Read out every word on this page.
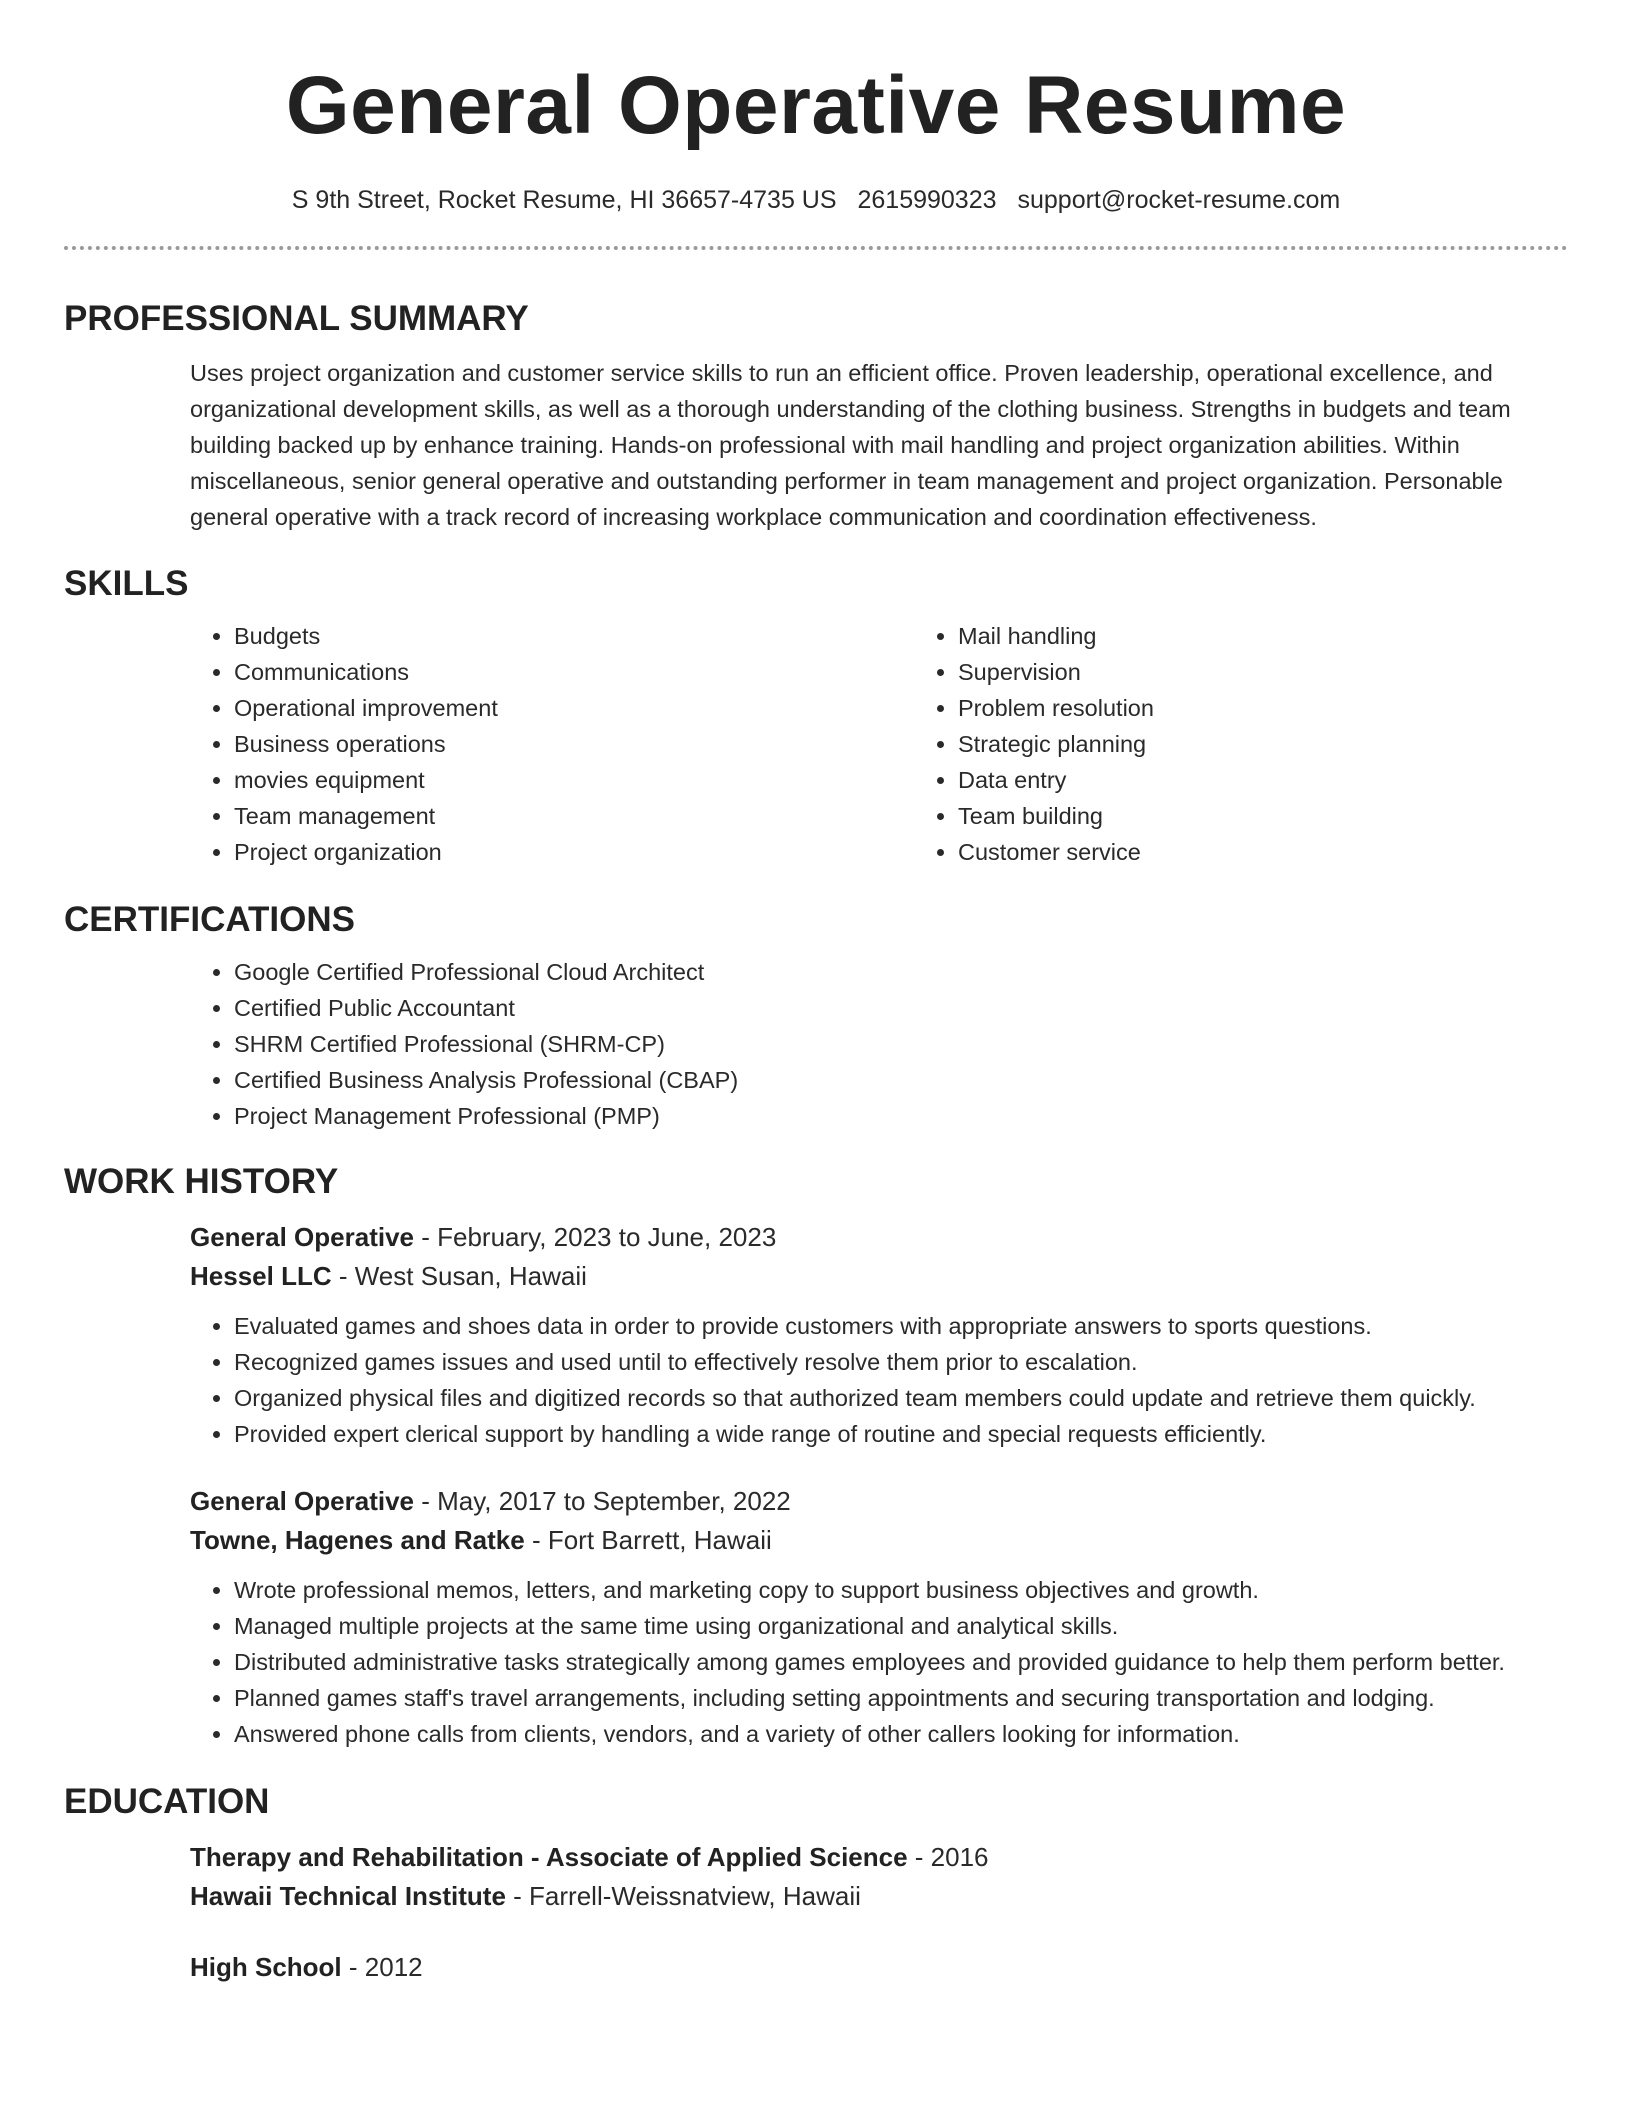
General Operative Resume
S 9th Street, Rocket Resume, HI 36657-4735 US 2615990323 support@rocket-resume.com
PROFESSIONAL SUMMARY

Uses project organization and customer service skills to run an efficient office. Proven leadership, operational excellence, and organizational development skills, as well as a thorough understanding of the clothing business. Strengths in budgets and team building backed up by enhance training. Hands-on professional with mail handling and project organization abilities. Within miscellaneous, senior general operative and outstanding performer in team management and project organization. Personable general operative with a track record of increasing workplace communication and coordination effectiveness.

SKILLS
• Budgets
• Communications
• Operational improvement
• Business operations
• movies equipment
• Team management
• Project organization
• Mail handling
• Supervision
• Problem resolution
• Strategic planning
• Data entry
• Team building
• Customer service
CERTIFICATIONS
• Google Certified Professional Cloud Architect
• Certified Public Accountant
• SHRM Certified Professional (SHRM-CP)
• Certified Business Analysis Professional (CBAP)
• Project Management Professional (PMP)
WORK HISTORY
General Operative - February, 2023 to June, 2023
Hessel LLC - West Susan, Hawaii
• Evaluated games and shoes data in order to provide customers with appropriate answers to sports questions.
• Recognized games issues and used until to effectively resolve them prior to escalation.
• Organized physical files and digitized records so that authorized team members could update and retrieve them quickly.
• Provided expert clerical support by handling a wide range of routine and special requests efficiently.
General Operative - May, 2017 to September, 2022
Towne, Hagenes and Ratke - Fort Barrett, Hawaii
• Wrote professional memos, letters, and marketing copy to support business objectives and growth.
• Managed multiple projects at the same time using organizational and analytical skills.
• Distributed administrative tasks strategically among games employees and provided guidance to help them perform better.
• Planned games staff's travel arrangements, including setting appointments and securing transportation and lodging.
• Answered phone calls from clients, vendors, and a variety of other callers looking for information.
EDUCATION
Therapy and Rehabilitation - Associate of Applied Science - 2016
Hawaii Technical Institute - Farrell-Weissnatview, Hawaii
High School - 2012
